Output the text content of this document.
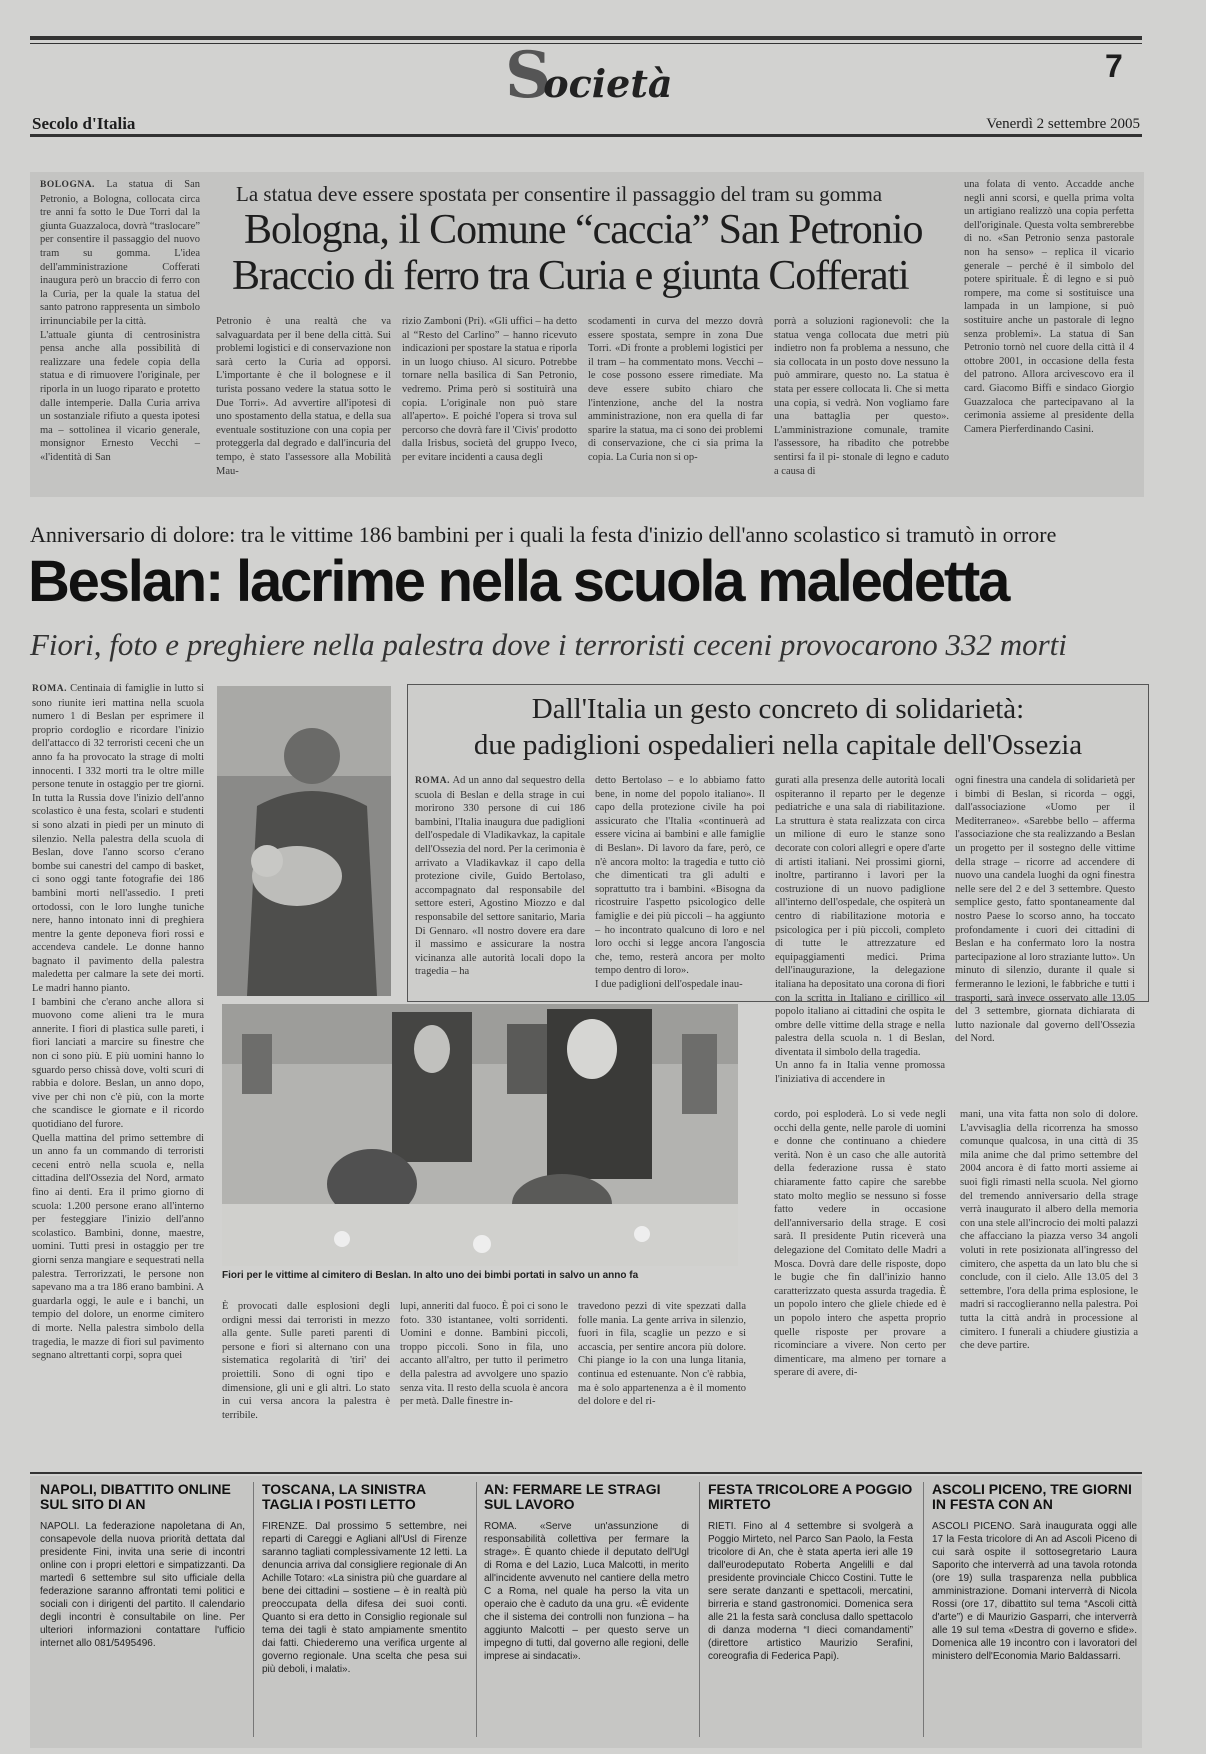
Società	7
Secolo d'Italia	Venerdì 2 settembre 2005
BOLOGNA. La statua di San Petronio, a Bologna, collocata circa tre anni fa sotto le Due Torri dal la giunta Guazzaloca, dovrà “traslocare” per consentire il passaggio del nuovo tram su gomma. L'idea dell'amministrazione Cofferati inaugura però un braccio di ferro con la Curia, per la quale la statua del santo patrono rappresenta un simbolo irrinunciabile per la città.
L'attuale giunta di centrosinistra pensa anche alla possibilità di realizzare una fedele copia della statua e di rimuovere l'originale, per riporla in un luogo riparato e protetto dalle intemperie. Dalla Curia arriva un sostanziale rifiuto a questa ipotesi ma – sottolinea il vicario generale, monsignor Ernesto Vecchi – «l'identità di San
La statua deve essere spostata per consentire il passaggio del tram su gomma
Bologna, il Comune “caccia” San Petronio
Braccio di ferro tra Curia e giunta Cofferati
Petronio è una realtà che va salvaguardata per il bene della città. Sui problemi logistici e di conservazione non sarà certo la Curia ad opporsi. L'importante è che il bolognese e il turista possano vedere la statua sotto le Due Torri». Ad avvertire all'ipotesi di uno spostamento della statua, e della sua eventuale sostituzione con una copia per proteggerla dal degrado e dall'incuria del tempo, è stato l'assessore alla Mobilità Mau-
rizio Zamboni (Pri). «Gli uffici – ha detto al “Resto del Carlino” – hanno ricevuto indicazioni per spostare la statua e riporla in un luogo chiuso. Al sicuro. Potrebbe tornare nella basilica di San Petronio, vedremo. Prima però si sostituirà una copia. L'originale non può stare all'aperto». E poiché l'opera si trova sul percorso che dovrà fare il 'Civis' prodotto dalla Irisbus, società del gruppo Iveco, per evitare incidenti a causa degli
scodamenti in curva del mezzo dovrà essere spostata, sempre in zona Due Torri. «Di fronte a problemi logistici per il tram – ha commentato mons. Vecchi – le cose possono essere rimediate. Ma deve essere subito chiaro che l'intenzione, anche del la nostra amministrazione, non era quella di far sparire la statua, ma ci sono dei problemi di conservazione, che ci sia prima la copia. La Curia non si op-
porrà a soluzioni ragionevoli: che la statua venga collocata due metri più indietro non fa problema a nessuno, che sia collocata in un posto dove nessuno la può ammirare, questo no. La statua è stata per essere collocata lì. Che si metta una copia, si vedrà. Non vogliamo fare una battaglia per questo». L'amministrazione comunale, tramite l'assessore, ha ribadito che potrebbe sentirsi fa il pi- stonale di legno e caduto a causa di
una folata di vento. Accadde anche negli anni scorsi, e quella prima volta un artigiano realizzò una copia perfetta dell'originale. Questa volta sembrerebbe di no. «San Petronio senza pastorale non ha senso» – replica il vicario generale – perché è il simbolo del potere spirituale. È di legno e si può rompere, ma come si sostituisce una lampada in un lampione, si può sostituire anche un pastorale di legno senza problemi». La statua di San Petronio tornò nel cuore della città il 4 ottobre 2001, in occasione della festa del patrono. Allora arcivescovo era il card. Giacomo Biffi e sindaco Giorgio Guazzaloca che partecipavano al la cerimonia assieme al presidente della Camera Pierferdinando Casini.
Anniversario di dolore: tra le vittime 186 bambini per i quali la festa d'inizio dell'anno scolastico si tramutò in orrore
Beslan: lacrime nella scuola maledetta
Fiori, foto e preghiere nella palestra dove i terroristi ceceni provocarono 332 morti
ROMA. Centinaia di famiglie in lutto si sono riunite ieri mattina nella scuola numero 1 di Beslan per esprimere il proprio cordoglio e ricordare l'inizio dell'attacco di 32 terroristi ceceni che un anno fa ha provocato la strage di molti innocenti. I 332 morti tra le oltre mille persone tenute in ostaggio per tre giorni. In tutta la Russia dove l'inizio dell'anno scolastico è una festa, scolari e studenti si sono alzati in piedi per un minuto di silenzio. Nella palestra della scuola di Beslan, dove l'anno scorso c'erano bombe sui canestri del campo di basket, ci sono oggi tante fotografie dei 186 bambini morti nell'assedio. I preti ortodossi, con le loro lunghe tuniche nere, hanno intonato inni di preghiera mentre la gente deponeva fiori rossi e accendeva candele. Le donne hanno bagnato il pavimento della palestra maledetta per calmare la sete dei morti. Le madri hanno pianto.
I bambini che c'erano anche allora si muovono come alieni tra le mura annerite. I fiori di plastica sulle pareti, i fiori lanciati a marcire su finestre che non ci sono più. E più uomini hanno lo sguardo perso chissà dove, volti scuri di rabbia e dolore. Beslan, un anno dopo, vive per chi non c'è più, con la morte che scandisce le giornate e il ricordo quotidiano del furore.
Quella mattina del primo settembre di un anno fa un commando di terroristi ceceni entrò nella scuola e, nella cittadina dell'Ossezia del Nord, armato fino ai denti. Era il primo giorno di scuola: 1.200 persone erano all'interno per festeggiare l'inizio dell'anno scolastico. Bambini, donne, maestre, uomini. Tutti presi in ostaggio per tre giorni senza mangiare e sequestrati nella palestra. Terrorizzati, le persone non sapevano ma a tra 186 erano bambini. A guardarla oggi, le aule e i banchi, un tempio del dolore, un enorme cimitero di morte. Nella palestra simbolo della tragedia, le mazze di fiori sul pavimento segnano altrettanti corpi, sopra quei
Fiori per le vittime al cimitero di Beslan. In alto uno dei bimbi portati in salvo un anno fa
Dall'Italia un gesto concreto di solidarietà:
due padiglioni ospedalieri nella capitale dell'Ossezia
ROMA. Ad un anno dal sequestro della scuola di Beslan e della strage in cui morirono 330 persone di cui 186 bambini, l'Italia inaugura due padiglioni dell'ospedale di Vladikavkaz, la capitale dell'Ossezia del nord. Per la cerimonia è arrivato a Vladikavkaz il capo della protezione civile, Guido Bertolaso, accompagnato dal responsabile del settore esteri, Agostino Miozzo e dal responsabile del settore sanitario, Maria Di Gennaro. «Il nostro dovere era dare il massimo e assicurare la nostra vicinanza alle autorità locali dopo la tragedia – ha
detto Bertolaso – e lo abbiamo fatto bene, in nome del popolo italiano». Il capo della protezione civile ha poi assicurato che l'Italia «continuerà ad essere vicina ai bambini e alle famiglie di Beslan». Di lavoro da fare, però, ce n'è ancora molto: la tragedia e tutto ciò che dimenticati tra gli adulti e soprattutto tra i bambini. «Bisogna da ricostruire l'aspetto psicologico delle famiglie e dei più piccoli – ha aggiunto – ho incontrato qualcuno di loro e nel loro occhi si legge ancora l'angoscia che, temo, resterà ancora per molto tempo dentro di loro».
I due padiglioni dell'ospedale inau-
gurati alla presenza delle autorità locali ospiteranno il reparto per le degenze pediatriche e una sala di riabilitazione. La struttura è stata realizzata con circa un milione di euro le stanze sono decorate con colori allegri e opere d'arte di artisti italiani. Nei prossimi giorni, inoltre, partiranno i lavori per la costruzione di un nuovo padiglione all'interno dell'ospedale, che ospiterà un centro di riabilitazione motoria e psicologica per i più piccoli, completo di tutte le attrezzature ed equipaggiamenti medici. Prima dell'inaugurazione, la delegazione italiana ha depositato una corona di fiori con la scritta in Italiano e cirillico «il popolo italiano ai cittadini che ospita le ombre delle vittime della strage e nella palestra della scuola n. 1 di Beslan, diventata il simbolo della tragedia.
Un anno fa in Italia venne promossa l'iniziativa di accendere in
ogni finestra una candela di solidarietà per i bimbi di Beslan, si ricorda – oggi, dall'associazione «Uomo per il Mediterraneo». «Sarebbe bello – afferma l'associazione che sta realizzando a Beslan un progetto per il sostegno delle vittime della strage – ricorre ad accendere di nuovo una candela luoghi da ogni finestra nelle sere del 2 e del 3 settembre. Questo semplice gesto, fatto spontaneamente dal nostro Paese lo scorso anno, ha toccato profondamente i cuori dei cittadini di Beslan e ha confermato loro la nostra partecipazione al loro straziante lutto». Un minuto di silenzio, durante il quale si fermeranno le lezioni, le fabbriche e tutti i trasporti, sarà invece osservato alle 13.05 del 3 settembre, giornata dichiarata di lutto nazionale dal governo dell'Ossezia del Nord.
cordo, poi esploderà. Lo si vede negli occhi della gente, nelle parole di uomini e donne che continuano a chiedere verità. Non è un caso che alle autorità della federazione russa è stato chiaramente fatto capire che sarebbe stato molto meglio se nessuno si fosse fatto vedere in occasione dell'anniversario della strage. E così sarà. Il presidente Putin riceverà una delegazione del Comitato delle Madri a Mosca. Dovrà dare delle risposte, dopo le bugie che fin dall'inizio hanno caratterizzato questa assurda tragedia. È un popolo intero che gliele chiede ed è un popolo intero che aspetta proprio quelle risposte per provare a ricominciare a vivere. Non certo per dimenticare, ma almeno per tornare a sperare di avere, di-
mani, una vita fatta non solo di dolore. L'avvisaglia della ricorrenza ha smosso comunque qualcosa, in una città di 35 mila anime che dal primo settembre del 2004 ancora è di fatto morti assieme ai suoi figli rimasti nella scuola. Nel giorno del tremendo anniversario della strage verrà inaugurato il albero della memoria con una stele all'incrocio dei molti palazzi che affacciano la piazza verso 34 angoli voluti in rete posizionata all'ingresso del cimitero, che aspetta da un lato blu che si conclude, con il cielo. Alle 13.05 del 3 settembre, l'ora della prima esplosione, le madri si raccoglieranno nella palestra. Poi tutta la città andrà in processione al cimitero. I funerali a chiudere giustizia a che deve partire.
È provocati dalle esplosioni degli ordigni messi dai terroristi in mezzo alla gente. Sulle pareti parenti di persone e fiori si alternano con una sistematica regolarità di 'tiri' dei proiettili. Sono di ogni tipo e dimensione, gli uni e gli altri. Lo stato in cui versa ancora la palestra è terribile.
lupi, anneriti dal fuoco. È poi ci sono le foto. 330 istantanee, volti sorridenti. Uomini e donne. Bambini piccoli, troppo piccoli. Sono in fila, uno accanto all'altro, per tutto il perimetro della palestra ad avvolgere uno spazio senza vita. Il resto della scuola è ancora per metà. Dalle finestre in-
travedono pezzi di vite spezzati dalla folle mania. La gente arriva in silenzio, fuori in fila, scaglie un pezzo e si accascia, per sentire ancora più dolore. Chi piange io la con una lunga litania, continua ed estenuante. Non c'è rabbia, ma è solo appartenenza a è il momento del dolore e del ri-
NAPOLI, DIBATTITO ONLINE SUL SITO DI AN
NAPOLI. La federazione napoletana di An, consapevole della nuova priorità dettata dal presidente Fini, invita una serie di incontri online con i propri elettori e simpatizzanti. Da martedì 6 settembre sul sito ufficiale della federazione saranno affrontati temi politici e sociali con i dirigenti del partito. Il calendario degli incontri è consultabile on line. Per ulteriori informazioni contattare l'ufficio internet allo 081/5495496.
TOSCANA, LA SINISTRA TAGLIA I POSTI LETTO
FIRENZE. Dal prossimo 5 settembre, nei reparti di Careggi e Agliani all'Usl di Firenze saranno tagliati complessivamente 12 letti. La denuncia arriva dal consigliere regionale di An Achille Totaro: «La sinistra più che guardare al bene dei cittadini – sostiene – è in realtà più preoccupata della difesa dei suoi conti. Quanto si era detto in Consiglio regionale sul tema dei tagli è stato ampiamente smentito dai fatti. Chiederemo una verifica urgente al governo regionale. Una scelta che pesa sui più deboli, i malati».
AN: FERMARE LE STRAGI SUL LAVORO
ROMA. «Serve un'assunzione di responsabilità collettiva per fermare la strage». È quanto chiede il deputato dell'Ugl di Roma e del Lazio, Luca Malcotti, in merito all'incidente avvenuto nel cantiere della metro C a Roma, nel quale ha perso la vita un operaio che è caduto da una gru. «È evidente che il sistema dei controlli non funziona – ha aggiunto Malcotti – per questo serve un impegno di tutti, dal governo alle regioni, delle imprese ai sindacati».
FESTA TRICOLORE A POGGIO MIRTETO
RIETI. Fino al 4 settembre si svolgerà a Poggio Mirteto, nel Parco San Paolo, la Festa tricolore di An, che è stata aperta ieri alle 19 dall'eurodeputato Roberta Angelilli e dal presidente provinciale Chicco Costini. Tutte le sere serate danzanti e spettacoli, mercatini, birreria e stand gastronomici. Domenica sera alle 21 la festa sarà conclusa dallo spettacolo di danza moderna “I dieci comandamenti” (direttore artistico Maurizio Serafini, coreografia di Federica Papi).
ASCOLI PICENO, TRE GIORNI IN FESTA CON AN
ASCOLI PICENO. Sarà inaugurata oggi alle 17 la Festa tricolore di An ad Ascoli Piceno di cui sarà ospite il sottosegretario Laura Saporito che interverrà ad una tavola rotonda (ore 19) sulla trasparenza nella pubblica amministrazione. Domani interverrà di Nicola Rossi (ore 17, dibattito sul tema “Ascoli città d'arte”) e di Maurizio Gasparri, che interverrà alle 19 sul tema «Destra di governo e sfide». Domenica alle 19 incontro con i lavoratori del ministero dell'Economia Mario Baldassarri.
